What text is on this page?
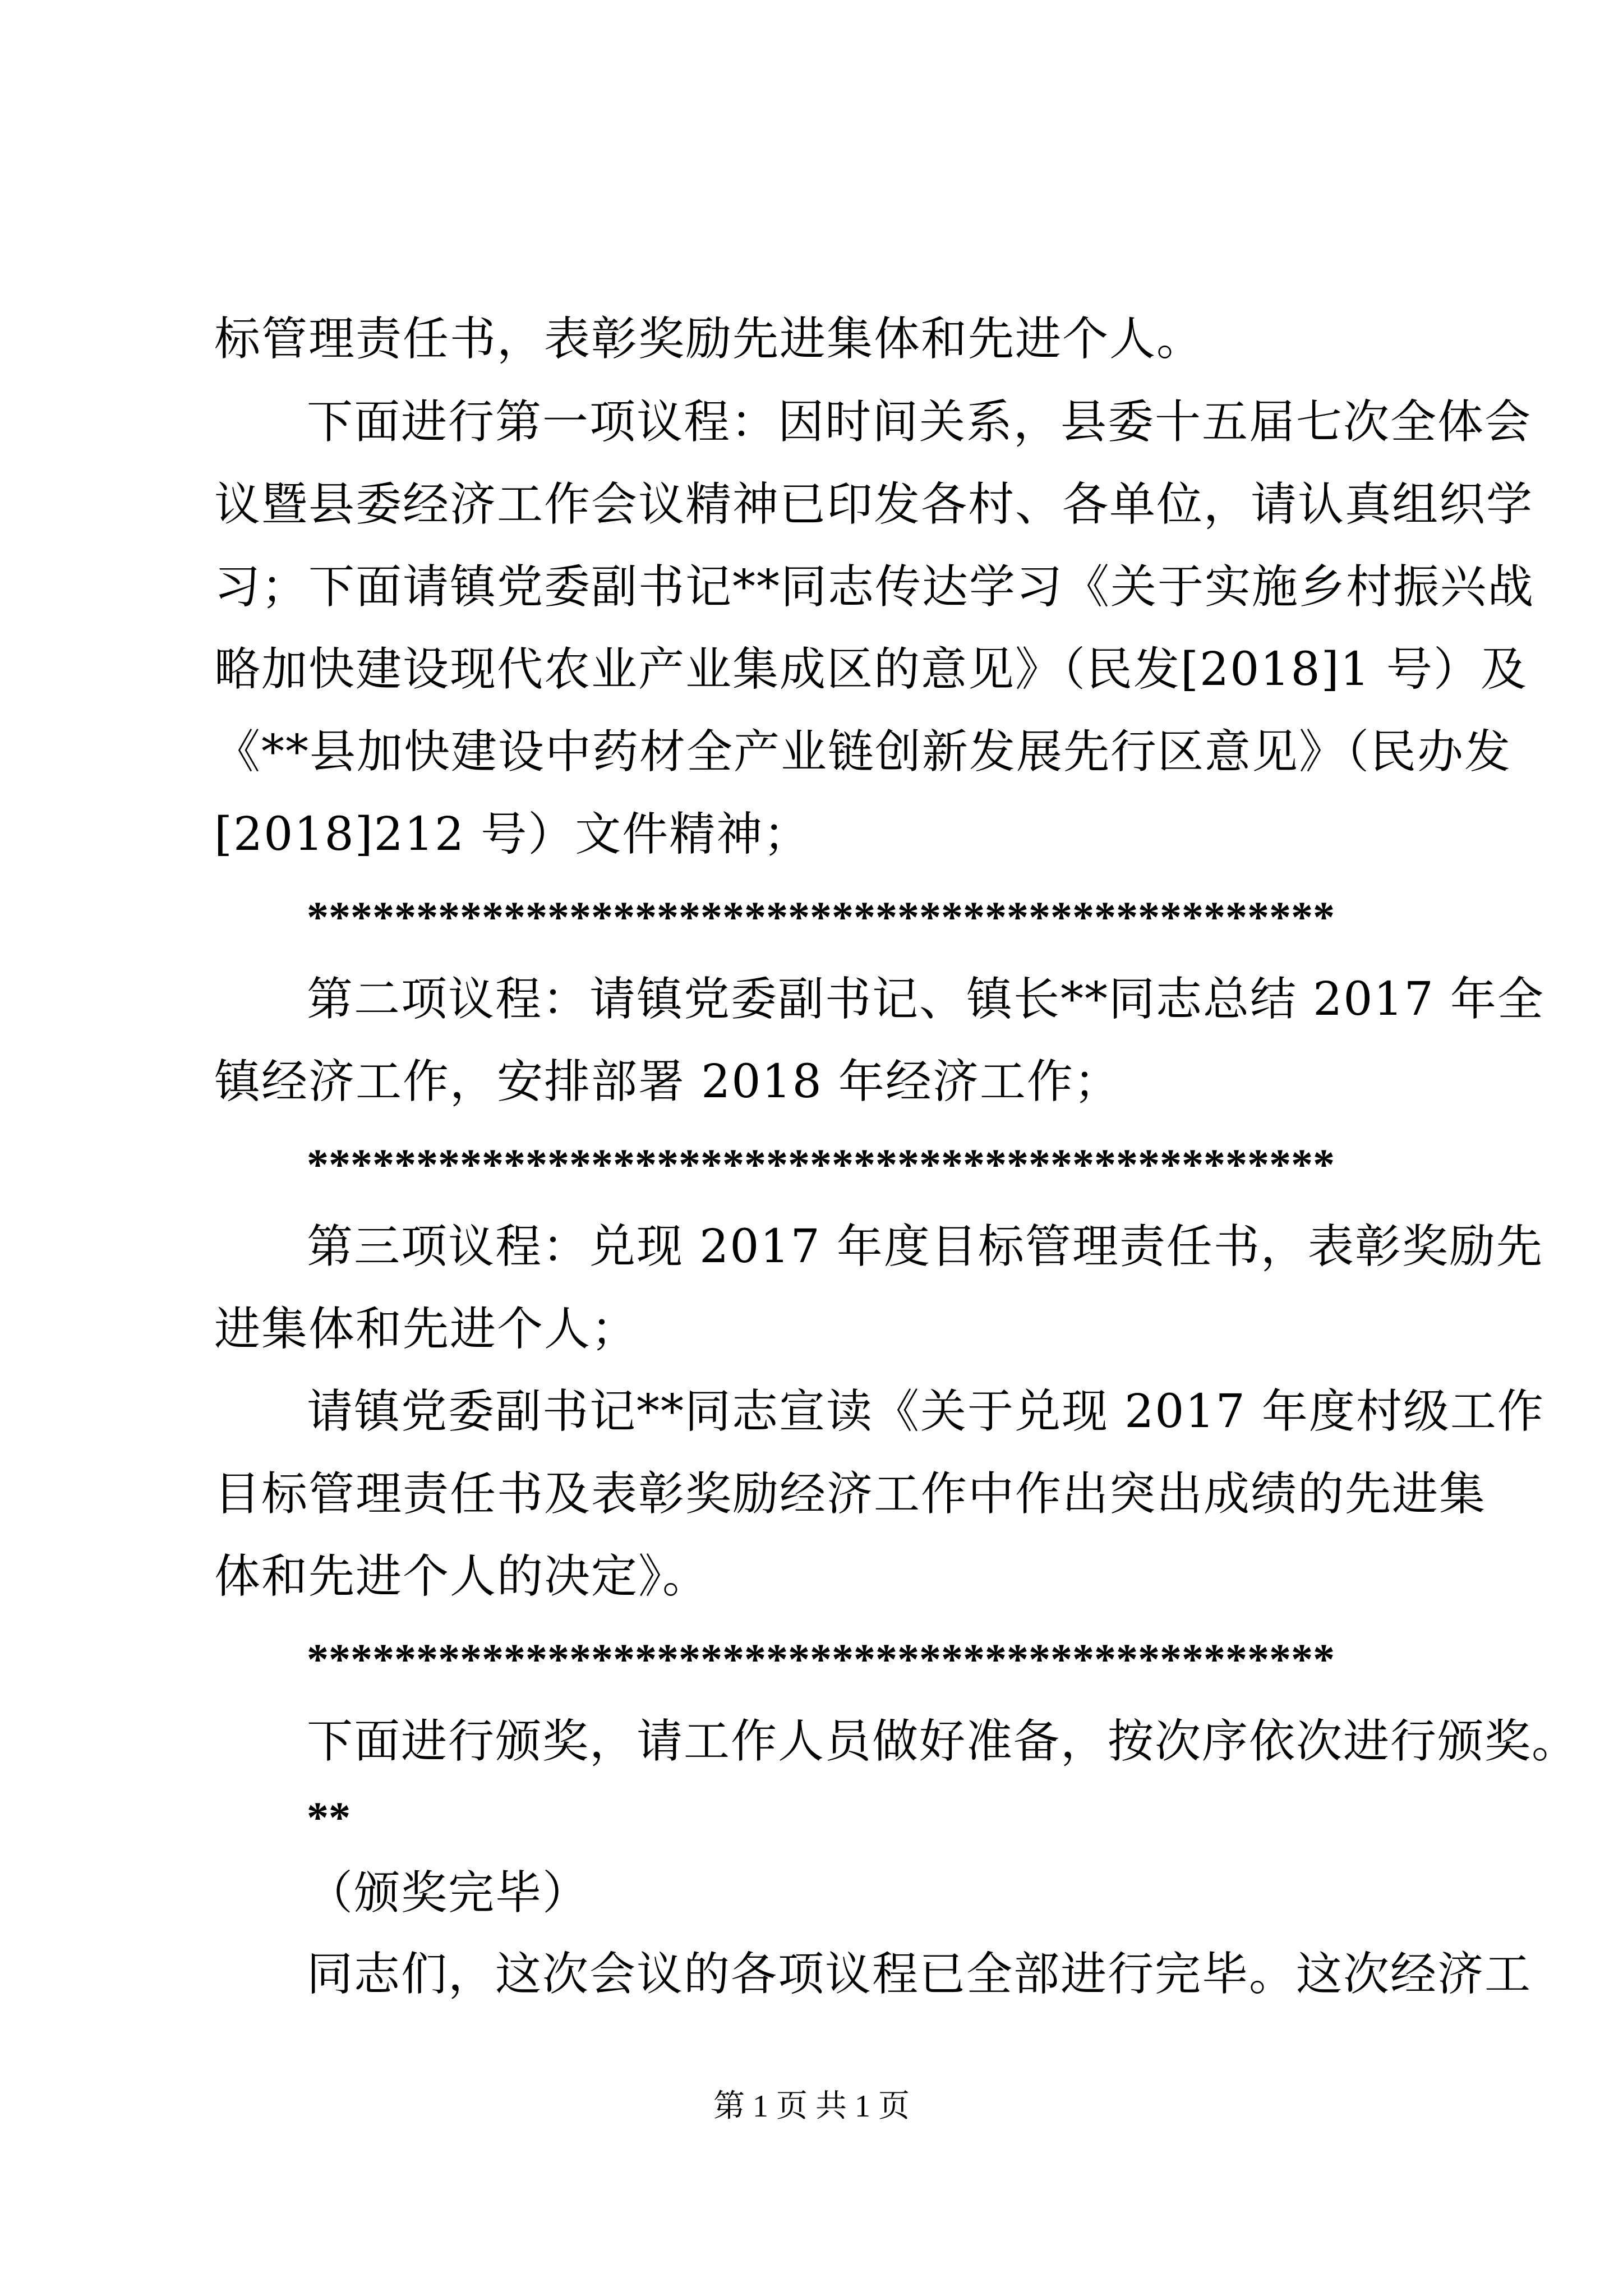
标管理责任书，表彰奖励先进集体和先进个人。

下面进行第一项议程：因时间关系，县委十五届七次全体会

议暨县委经济工作会议精神已印发各村、各单位，请认真组织学

习；下面请镇党委副书记**同志传达学习《关于实施乡村振兴战

略加快建设现代农业产业集成区的意见》（民发[2018]1 号）及

《**县加快建设中药材全产业链创新发展先行区意见》（民办发

[2018]212 号）文件精神；

***********************************************

第二项议程：请镇党委副书记、镇长**同志总结 2017 年全

镇经济工作，安排部署 2018 年经济工作；

***********************************************

第三项议程：兑现 2017 年度目标管理责任书，表彰奖励先

进集体和先进个人；

请镇党委副书记**同志宣读《关于兑现 2017 年度村级工作

目标管理责任书及表彰奖励经济工作中作出突出成绩的先进集

体和先进个人的决定》。

***********************************************

下面进行颁奖，请工作人员做好准备，按次序依次进行颁奖。

**

（颁奖完毕）

同志们，这次会议的各项议程已全部进行完毕。这次经济工

第 1 页 共 1 页
